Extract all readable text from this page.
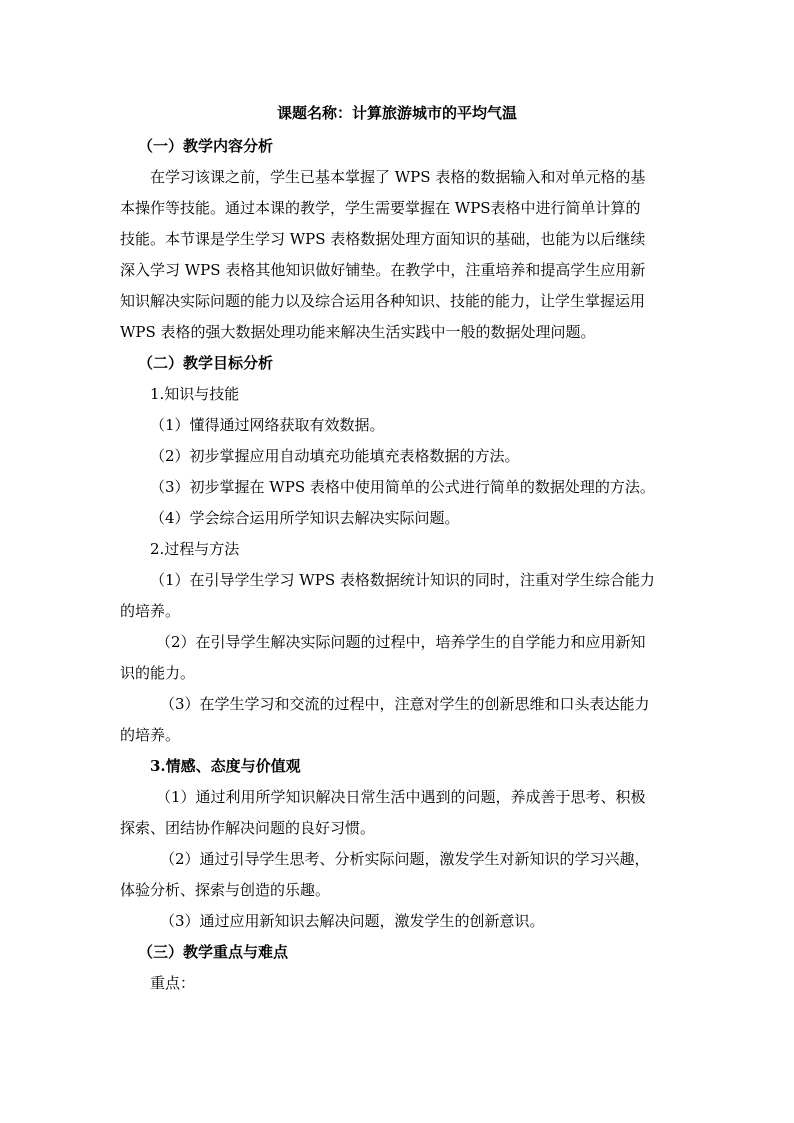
课题名称：计算旅游城市的平均气温
（一）教学内容分析
在学习该课之前，学生已基本掌握了 WPS 表格的数据输入和对单元格的基
本操作等技能。通过本课的教学，学生需要掌握在 WPS表格中进行简单计算的
技能。本节课是学生学习 WPS 表格数据处理方面知识的基础，也能为以后继续
深入学习 WPS 表格其他知识做好铺垫。在教学中，注重培养和提高学生应用新
知识解决实际问题的能力以及综合运用各种知识、技能的能力，让学生掌握运用
WPS 表格的强大数据处理功能来解决生活实践中一般的数据处理问题。
（二）教学目标分析
1.知识与技能
（1）懂得通过网络获取有效数据。
（2）初步掌握应用自动填充功能填充表格数据的方法。
（3）初步掌握在 WPS 表格中使用简单的公式进行简单的数据处理的方法。
（4）学会综合运用所学知识去解决实际问题。
2.过程与方法
（1）在引导学生学习 WPS 表格数据统计知识的同时，注重对学生综合能力
的培养。
（2）在引导学生解决实际问题的过程中，培养学生的自学能力和应用新知
识的能力。
（3）在学生学习和交流的过程中，注意对学生的创新思维和口头表达能力
的培养。
3.情感、态度与价值观
（1）通过利用所学知识解决日常生活中遇到的问题，养成善于思考、积极
探索、团结协作解决问题的良好习惯。
（2）通过引导学生思考、分析实际问题，激发学生对新知识的学习兴趣，
体验分析、探索与创造的乐趣。
（3）通过应用新知识去解决问题，激发学生的创新意识。
（三）教学重点与难点
重点：
